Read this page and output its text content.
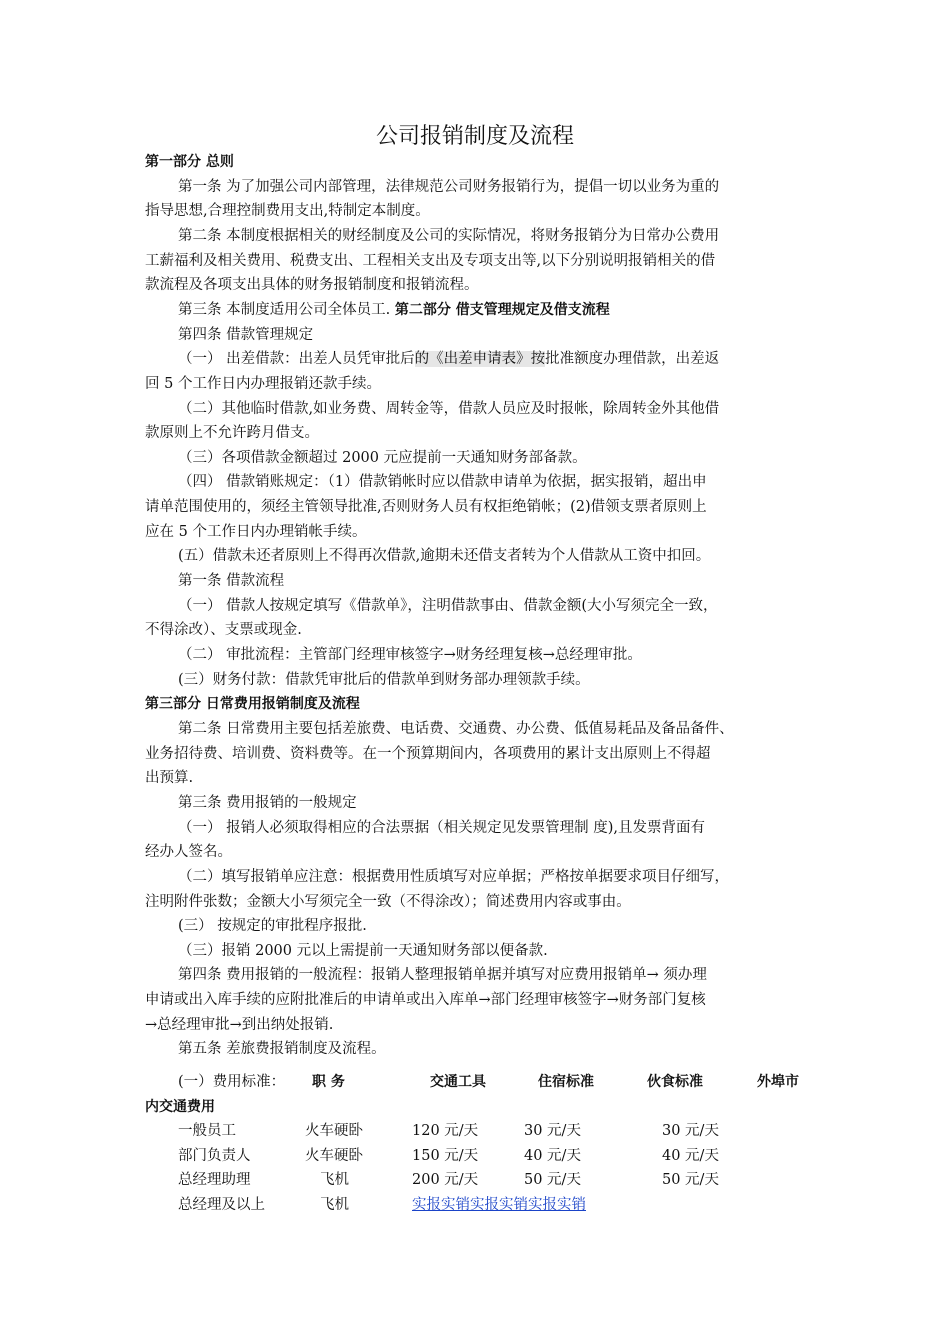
公司报销制度及流程
第一部分 总则
第一条 为了加强公司内部管理，法律规范公司财务报销行为，提倡一切以业务为重的
指导思想,合理控制费用支出,特制定本制度。
第二条 本制度根据相关的财经制度及公司的实际情况，将财务报销分为日常办公费用
工薪福利及相关费用、税费支出、工程相关支出及专项支出等,以下分别说明报销相关的借
款流程及各项支出具体的财务报销制度和报销流程。
第三条 本制度适用公司全体员工. 第二部分 借支管理规定及借支流程
第四条 借款管理规定
（一） 出差借款：出差人员凭审批后的《出差申请表》按批准额度办理借款，出差返
回 5 个工作日内办理报销还款手续。
（二）其他临时借款,如业务费、周转金等，借款人员应及时报帐，除周转金外其他借
款原则上不允许跨月借支。
（三）各项借款金额超过 2000 元应提前一天通知财务部备款。
（四） 借款销账规定：（1）借款销帐时应以借款申请单为依据，据实报销，超出申
请单范围使用的，须经主管领导批准,否则财务人员有权拒绝销帐；(2)借领支票者原则上
应在 5 个工作日内办理销帐手续。
(五）借款未还者原则上不得再次借款,逾期未还借支者转为个人借款从工资中扣回。
第一条 借款流程
（一） 借款人按规定填写《借款单》，注明借款事由、借款金额(大小写须完全一致，
不得涂改）、支票或现金.
（二） 审批流程：主管部门经理审核签字→财务经理复核→总经理审批。
(三）财务付款：借款凭审批后的借款单到财务部办理领款手续。
第三部分 日常费用报销制度及流程
第二条 日常费用主要包括差旅费、电话费、交通费、办公费、低值易耗品及备品备件、
业务招待费、培训费、资料费等。在一个预算期间内，各项费用的累计支出原则上不得超
出预算.
第三条 费用报销的一般规定
（一） 报销人必须取得相应的合法票据（相关规定见发票管理制 度),且发票背面有
经办人签名。
（二）填写报销单应注意：根据费用性质填写对应单据；严格按单据要求项目仔细写，
注明附件张数；金额大小写须完全一致（不得涂改）；简述费用内容或事由。
(三） 按规定的审批程序报批.
（三）报销 2000 元以上需提前一天通知财务部以便备款.
第四条 费用报销的一般流程：报销人整理报销单据并填写对应费用报销单→ 须办理
申请或出入库手续的应附批准后的申请单或出入库单→部门经理审核签字→财务部门复核
→总经理审批→到出纳处报销.
第五条 差旅费报销制度及流程。
(一）费用标准： 职 务	交通工具	住宿标准	伙食标准	外埠市
内交通费用
一般员工	火车硬卧	120 元/天	30 元/天	30 元/天
部门负责人	火车硬卧	150 元/天	40 元/天	40 元/天
总经理助理	飞机	200 元/天	50 元/天	50 元/天
总经理及以上	飞机	实报实销实报实销实报实销
